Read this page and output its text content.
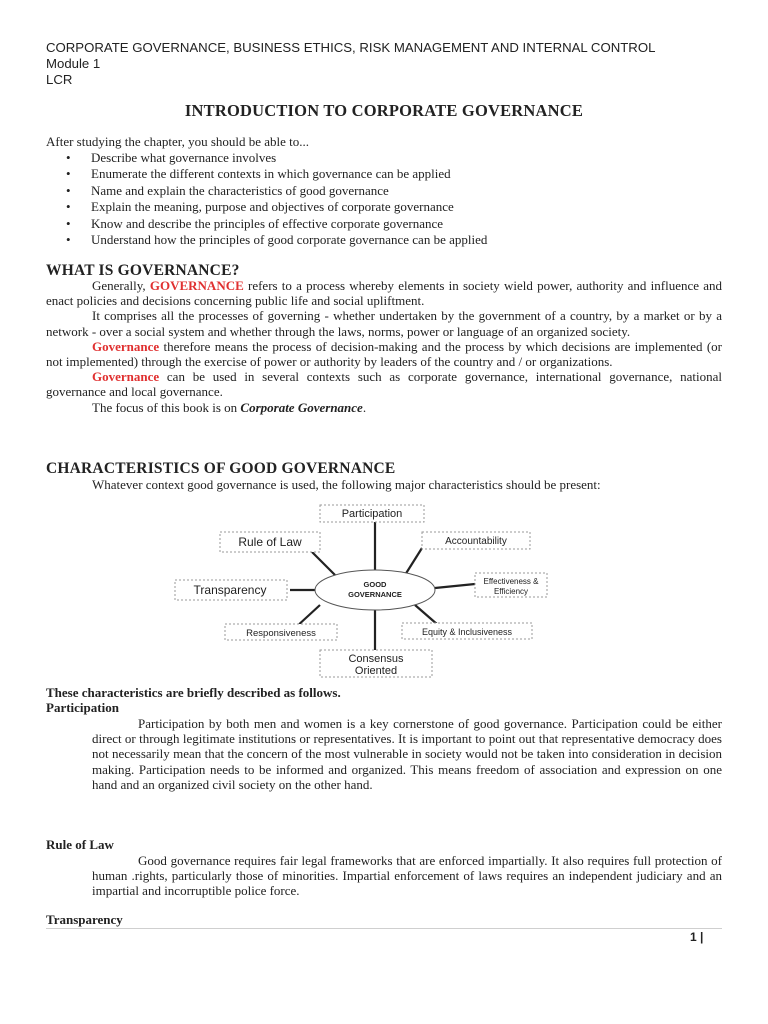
CORPORATE GOVERNANCE, BUSINESS ETHICS, RISK MANAGEMENT AND INTERNAL CONTROL
Module 1
LCR
INTRODUCTION TO CORPORATE GOVERNANCE
After studying the chapter, you should be able to...
• Describe what governance involves
• Enumerate the different contexts in which governance can be applied
• Name and explain the characteristics of good governance
• Explain the meaning, purpose and objectives of corporate governance
• Know and describe the principles of effective corporate governance
• Understand how the principles of good corporate governance can be applied
WHAT IS GOVERNANCE?

Generally, GOVERNANCE refers to a process whereby elements in society wield power, authority and influence and enact policies and decisions concerning public life and social upliftment.

It comprises all the processes of governing - whether undertaken by the government of a country, by a market or by a network - over a social system and whether through the laws, norms, power or language of an organized society.

Governance therefore means the process of decision-making and the process by which decisions are implemented (or not implemented) through the exercise of power or authority by leaders of the country and / or organizations.

Governance can be used in several contexts such as corporate governance, international governance, national governance and local governance.

The focus of this book is on Corporate Governance.

CHARACTERISTICS OF GOOD GOVERNANCE

Whatever context good governance is used, the following major characteristics should be present:

GOOD
GOVERNANCE
Participation
Rule of Law	Accountability
Transparency
Effectiveness &
Efficiency
Responsiveness	Equity & Inclusiveness
Consensus
Oriented
These characteristics are briefly described as follows.
Participation

Participation by both men and women is a key cornerstone of good governance. Participation could be either direct or through legitimate institutions or representatives. It is important to point out that representative democracy does not necessarily mean that the concern of the most vulnerable in society would not be taken into consideration in decision making. Participation needs to be informed and organized. This means freedom of association and expression on one hand and an organized civil society on the other hand.

Rule of Law

Good governance requires fair legal frameworks that are enforced impartially. It also requires full protection of human .rights, particularly those of minorities. Impartial enforcement of laws requires an independent judiciary and an impartial and incorruptible police force.

Transparency
1 |
